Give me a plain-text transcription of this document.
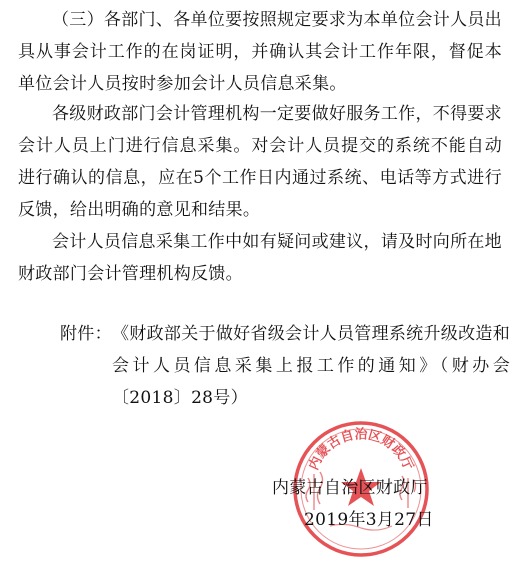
（三）各部门、各单位要按照规定要求为本单位会计人员出具从事会计工作的在岗证明，并确认其会计工作年限，督促本单位会计人员按时参加会计人员信息采集。

各级财政部门会计管理机构一定要做好服务工作，不得要求会计人员上门进行信息采集。对会计人员提交的系统不能自动进行确认的信息，应在5个工作日内通过系统、电话等方式进行反馈，给出明确的意见和结果。

会计人员信息采集工作中如有疑问或建议，请及时向所在地财政部门会计管理机构反馈。

附件： 《财政部关于做好省级会计人员管理系统升级改造和会计人员信息采集上报工作的通知》（财办会〔2018〕28号）
内蒙古自治区财政厅
内蒙古自治区财政厅
2019年3月27日
